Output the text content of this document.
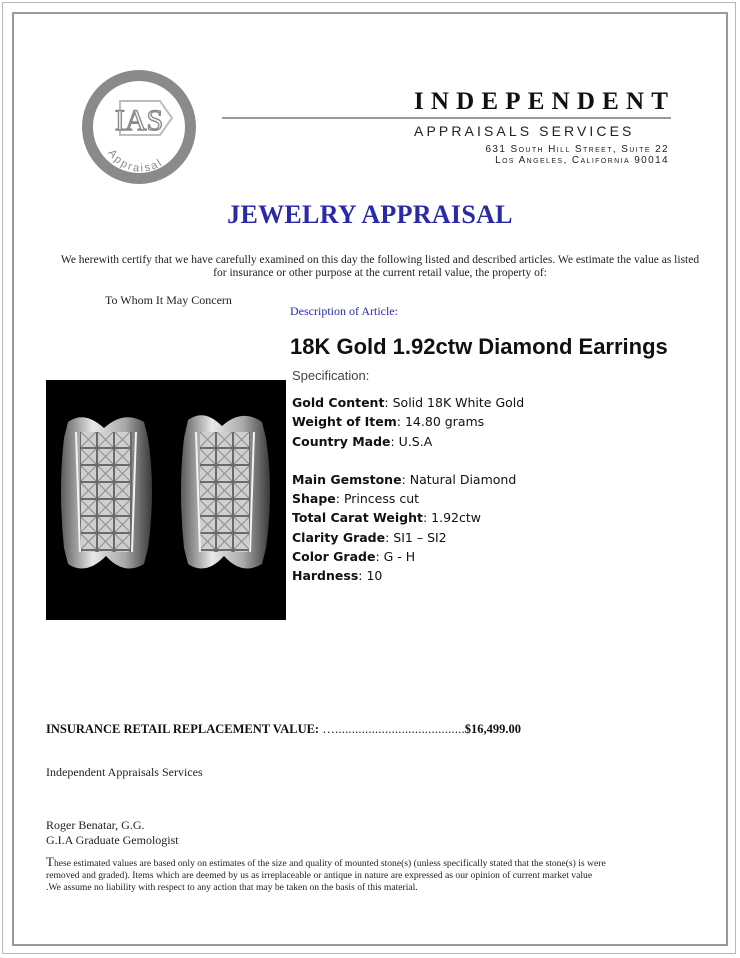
IAS
Appraisal
INDEPENDENT
APPRAISALS SERVICES
631 South Hill Street, Suite 22
Los Angeles, California 90014
JEWELRY APPRAISAL
We herewith certify that we have carefully examined on this day the following listed and described articles. We estimate the value as listed for insurance or other purpose at the current retail value, the property of:
To Whom It May Concern
Description of Article:
18K Gold 1.92ctw Diamond Earrings
Specification:
Gold Content: Solid 18K White Gold
Weight of Item: 14.80 grams
Country Made: U.S.A
Main Gemstone: Natural Diamond
Shape: Princess cut
Total Carat Weight: 1.92ctw
Clarity Grade: SI1 – SI2
Color Grade: G - H
Hardness: 10
INSURANCE RETAIL REPLACEMENT VALUE: ….......................................$16,499.00
Independent Appraisals Services
Roger Benatar, G.G.
G.I.A Graduate Gemologist
These estimated values are based only on estimates of the size and quality of mounted stone(s) (unless specifically stated that the stone(s) is were removed and graded). Items which are deemed by us as irreplaceable or antique in nature are expressed as our opinion of current market value .We assume no liability with respect to any action that may be taken on the basis of this material.
